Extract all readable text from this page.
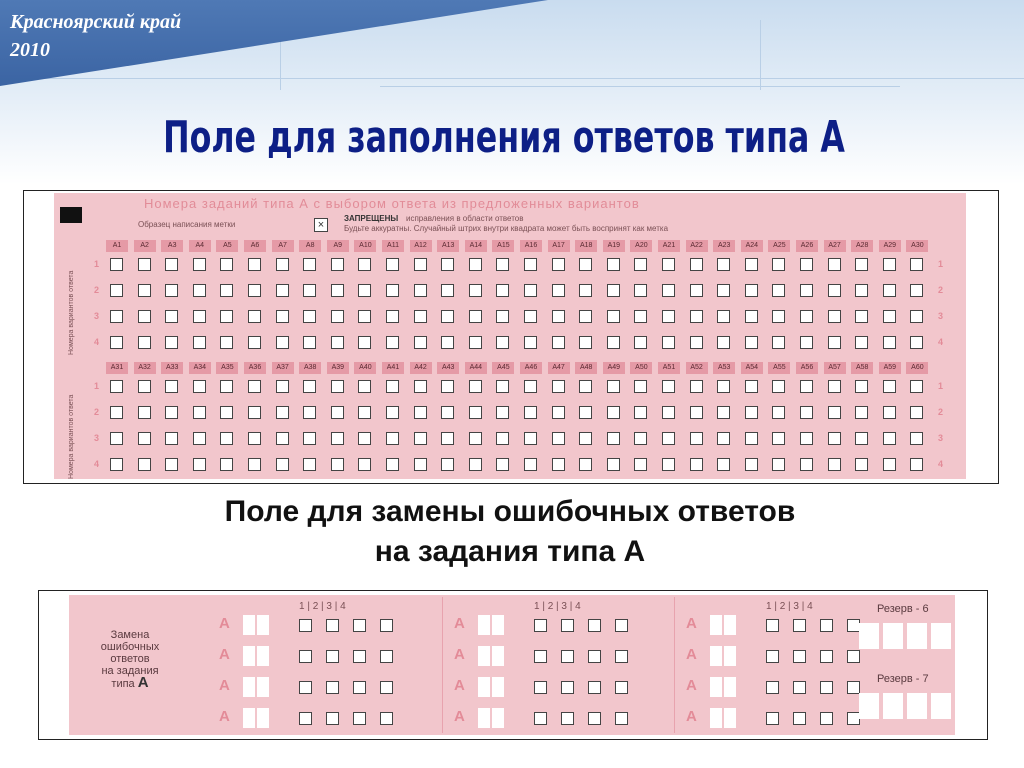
Красноярский край
2010
Поле для заполнения ответов типа А
Номера заданий типа А с выбором ответа из предложенных вариантов
Образец написания метки	×
ЗАПРЕЩЕНЫ исправления в области ответов
Будьте аккуратны. Случайный штрих внутри квадрата может быть воспринят как метка
Номера вариантов ответа
Номера вариантов ответа
A1	A2	A3	A4	A5	A6	A7	A8	A9	A10	A11	A12	A13	A14	A15	A16	A17	A18	A19	A20	A21	A22	A23	A24	A25	A26	A27	A28	A29	A30
1	1
2	2
3	3
4	4
A31	A32	A33	A34	A35	A36	A37	A38	A39	A40	A41	A42	A43	A44	A45	A46	A47	A48	A49	A50	A51	A52	A53	A54	A55	A56	A57	A58	A59	A60
1	1
2	2
3	3
4	4
Поле для замены ошибочных ответов
на задания типа А
Замена
ошибочных
ответов
на задания
типа А
1 | 2 | 3 | 4
А
А
А
А
1 | 2 | 3 | 4
А
А
А
А
1 | 2 | 3 | 4
А
А
А
А
Резерв - 6
Резерв - 7
